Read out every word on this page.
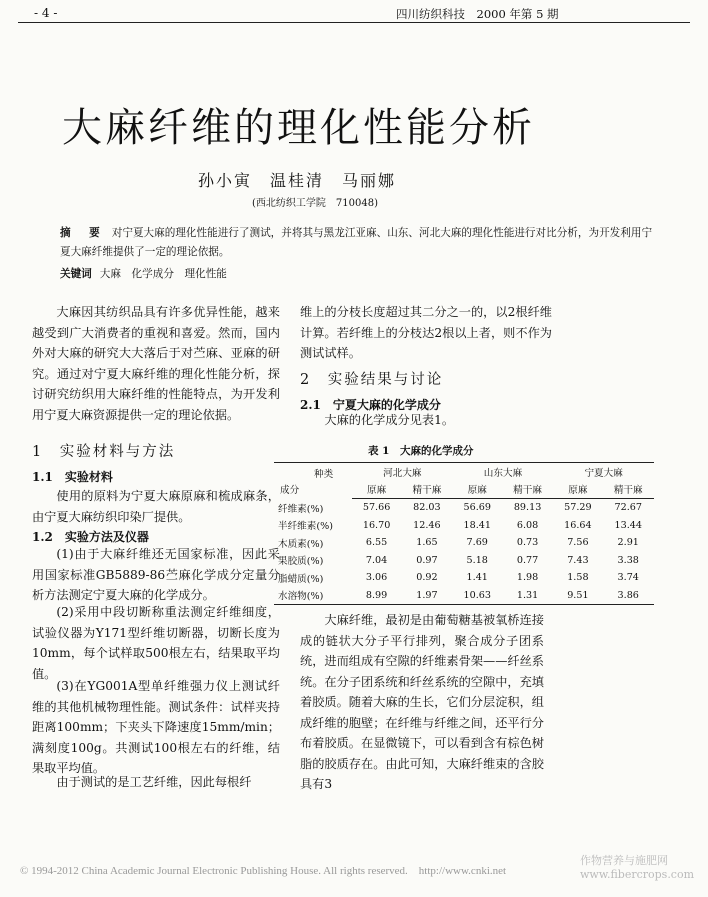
- 4 -	四川纺织科技　2000 年第 5 期
大麻纤维的理化性能分析
孙小寅　温桂清　马丽娜
(西北纺织工学院　710048)
摘　要 对宁夏大麻的理化性能进行了测试，并将其与黑龙江亚麻、山东、河北大麻的理化性能进行对比分析，为开发利用宁夏大麻纤维提供了一定的理论依据。
关键词 大麻　化学成分　理化性能
大麻因其纺织品具有许多优异性能，越来越受到广大消费者的重视和喜爱。然而，国内外对大麻的研究大大落后于对苎麻、亚麻的研究。通过对宁夏大麻纤维的理化性能分析，探讨研究纺织用大麻纤维的性能特点，为开发利用宁夏大麻资源提供一定的理论依据。
1　实验材料与方法
1.1　实验材料
使用的原料为宁夏大麻原麻和梳成麻条，由宁夏大麻纺织印染厂提供。
1.2　实验方法及仪器
(1)由于大麻纤维还无国家标准，因此采用国家标准GB5889-86苎麻化学成分定量分析方法测定宁夏大麻的化学成分。
(2)采用中段切断称重法测定纤维细度，试验仪器为Y171型纤维切断器，切断长度为10mm，每个试样取500根左右，结果取平均值。
(3)在YG001A型单纤维强力仪上测试纤维的其他机械物理性能。测试条件：试样夹持距离100mm；下夹头下降速度15mm/min；满刻度100g。共测试100根左右的纤维，结果取平均值。
由于测试的是工艺纤维，因此每根纤
维上的分枝长度超过其二分之一的，以2根纤维计算。若纤维上的分枝达2根以上者，则不作为测试试样。
2　实验结果与讨论
2.1　宁夏大麻的化学成分
大麻的化学成分见表1。
表 1　大麻的化学成分
种类
成分	河北大麻		山东大麻		宁夏大麻	
	原麻	精干麻	原麻	精干麻	原麻	精干麻
纤维素(%)	57.66	82.03	56.69	89.13	57.29	72.67
半纤维素(%)	16.70	12.46	18.41	6.08	16.64	13.44
木质素(%)	6.55	1.65	7.69	0.73	7.56	2.91
果胶质(%)	7.04	0.97	5.18	0.77	7.43	3.38
脂蜡质(%)	3.06	0.92	1.41	1.98	1.58	3.74
水溶物(%)	8.99	1.97	10.63	1.31	9.51	3.86
大麻纤维，最初是由葡萄糖基被氧桥连接成的链状大分子平行排列，聚合成分子团系统，进而组成有空隙的纤维素骨架——纤丝系统。在分子团系统和纤丝系统的空隙中，充填着胶质。随着大麻的生长，它们分层淀积，组成纤维的胞壁；在纤维与纤维之间，还平行分布着胶质。在显微镜下，可以看到含有棕色树脂的胶质存在。由此可知，大麻纤维束的含胶具有3
© 1994-2012 China Academic Journal Electronic Publishing House. All rights reserved.　http://www.cnki.net
作物营养与施肥网
www.fibercrops.com
